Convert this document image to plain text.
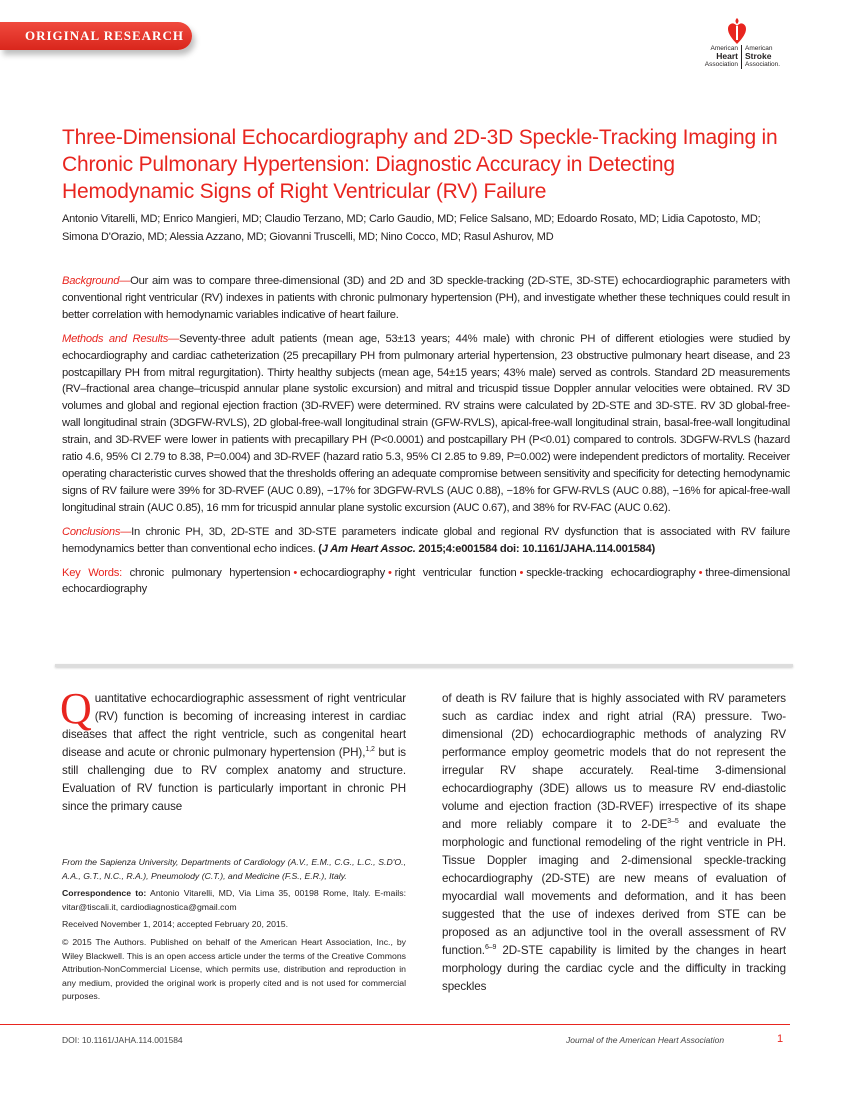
ORIGINAL RESEARCH
American
Heart
Association
American
Stroke
Association.
Three-Dimensional Echocardiography and 2D-3D Speckle-Tracking Imaging in Chronic Pulmonary Hypertension: Diagnostic Accuracy in Detecting Hemodynamic Signs of Right Ventricular (RV) Failure
Antonio Vitarelli, MD; Enrico Mangieri, MD; Claudio Terzano, MD; Carlo Gaudio, MD; Felice Salsano, MD; Edoardo Rosato, MD; Lidia Capotosto, MD; Simona D'Orazio, MD; Alessia Azzano, MD; Giovanni Truscelli, MD; Nino Cocco, MD; Rasul Ashurov, MD

Background—Our aim was to compare three-dimensional (3D) and 2D and 3D speckle-tracking (2D-STE, 3D-STE) echocardiographic parameters with conventional right ventricular (RV) indexes in patients with chronic pulmonary hypertension (PH), and investigate whether these techniques could result in better correlation with hemodynamic variables indicative of heart failure.

Methods and Results—Seventy-three adult patients (mean age, 53±13 years; 44% male) with chronic PH of different etiologies were studied by echocardiography and cardiac catheterization (25 precapillary PH from pulmonary arterial hypertension, 23 obstructive pulmonary heart disease, and 23 postcapillary PH from mitral regurgitation). Thirty healthy subjects (mean age, 54±15 years; 43% male) served as controls. Standard 2D measurements (RV–fractional area change–tricuspid annular plane systolic excursion) and mitral and tricuspid tissue Doppler annular velocities were obtained. RV 3D volumes and global and regional ejection fraction (3D-RVEF) were determined. RV strains were calculated by 2D-STE and 3D-STE. RV 3D global-free-wall longitudinal strain (3DGFW-RVLS), 2D global-free-wall longitudinal strain (GFW-RVLS), apical-free-wall longitudinal strain, basal-free-wall longitudinal strain, and 3D-RVEF were lower in patients with precapillary PH (P<0.0001) and postcapillary PH (P<0.01) compared to controls. 3DGFW-RVLS (hazard ratio 4.6, 95% CI 2.79 to 8.38, P=0.004) and 3D-RVEF (hazard ratio 5.3, 95% CI 2.85 to 9.89, P=0.002) were independent predictors of mortality. Receiver operating characteristic curves showed that the thresholds offering an adequate compromise between sensitivity and specificity for detecting hemodynamic signs of RV failure were 39% for 3D-RVEF (AUC 0.89), −17% for 3DGFW-RVLS (AUC 0.88), −18% for GFW-RVLS (AUC 0.88), −16% for apical-free-wall longitudinal strain (AUC 0.85), 16 mm for tricuspid annular plane systolic excursion (AUC 0.67), and 38% for RV-FAC (AUC 0.62).

Conclusions—In chronic PH, 3D, 2D-STE and 3D-STE parameters indicate global and regional RV dysfunction that is associated with RV failure hemodynamics better than conventional echo indices. (J Am Heart Assoc. 2015;4:e001584 doi: 10.1161/JAHA.114.001584)

Key Words: chronic pulmonary hypertension • echocardiography • right ventricular function • speckle-tracking echocardiography • three-dimensional echocardiography

Quantitative echocardiographic assessment of right ventricular (RV) function is becoming of increasing interest in cardiac diseases that affect the right ventricle, such as congenital heart disease and acute or chronic pulmonary hypertension (PH),$^{1,2}$ but is still challenging due to RV complex anatomy and structure. Evaluation of RV function is particularly important in chronic PH since the primary cause

From the Sapienza University, Departments of Cardiology (A.V., E.M., C.G., L.C., S.D'O., A.A., G.T., N.C., R.A.), Pneumolody (C.T.), and Medicine (F.S., E.R.), Italy.

Correspondence to: Antonio Vitarelli, MD, Via Lima 35, 00198 Rome, Italy. E-mails: vitar@tiscali.it, cardiodiagnostica@gmail.com

Received November 1, 2014; accepted February 20, 2015.

© 2015 The Authors. Published on behalf of the American Heart Association, Inc., by Wiley Blackwell. This is an open access article under the terms of the Creative Commons Attribution-NonCommercial License, which permits use, distribution and reproduction in any medium, provided the original work is properly cited and is not used for commercial purposes.

of death is RV failure that is highly associated with RV parameters such as cardiac index and right atrial (RA) pressure. Two-dimensional (2D) echocardiographic methods of analyzing RV performance employ geometric models that do not represent the irregular RV shape accurately. Real-time 3-dimensional echocardiography (3DE) allows us to measure RV end-diastolic volume and ejection fraction (3D-RVEF) irrespective of its shape and more reliably compare it to 2-DE$^{3-5}$ and evaluate the morphologic and functional remodeling of the right ventricle in PH. Tissue Doppler imaging and 2-dimensional speckle-tracking echocardiography (2D-STE) are new means of evaluation of myocardial wall movements and deformation, and it has been suggested that the use of indexes derived from STE can be proposed as an adjunctive tool in the overall assessment of RV function.$^{6-9}$ 2D-STE capability is limited by the changes in heart morphology during the cardiac cycle and the difficulty in tracking speckles

DOI: 10.1161/JAHA.114.001584	Journal of the American Heart Association	1
